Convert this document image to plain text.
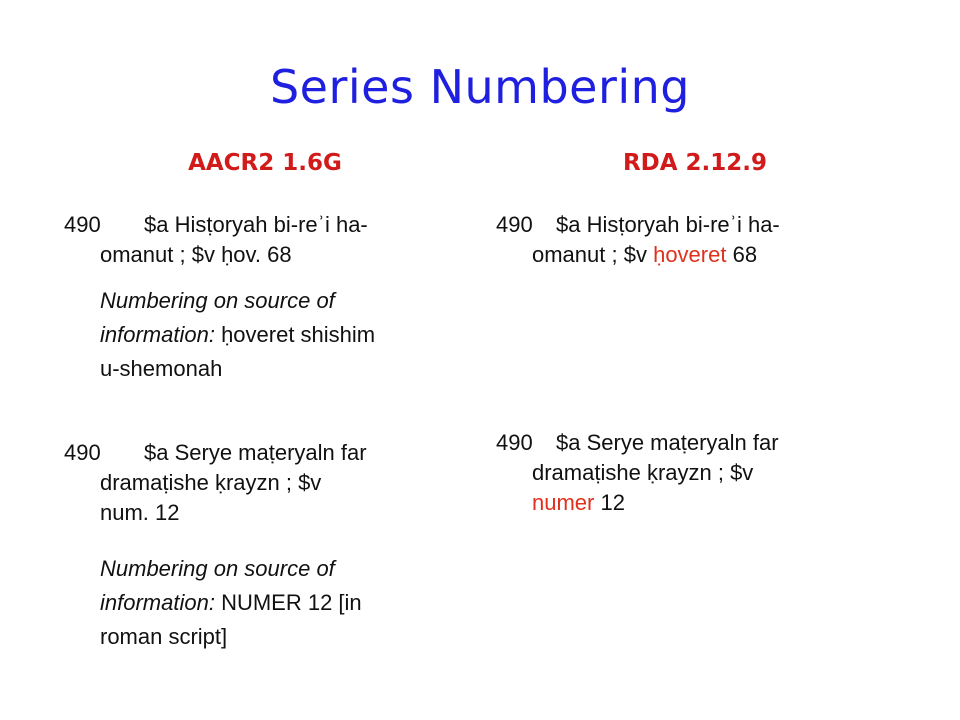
Series Numbering
AACR2 1.6G	RDA 2.12.9
490 $a Hisṭoryah bi-reʾi ha-
omanut ; $v ḥov. 68
Numbering on source of
information: ḥoveret shishim
u-shemonah
490 $a Serye maṭeryaln far
dramaṭishe ḳrayzn ; $v
num. 12
Numbering on source of
information: NUMER 12 [in
roman script]
490 $a Hisṭoryah bi-reʾi ha-
omanut ; $v ḥoveret 68
490 $a Serye maṭeryaln far
dramaṭishe ḳrayzn ; $v
numer 12
